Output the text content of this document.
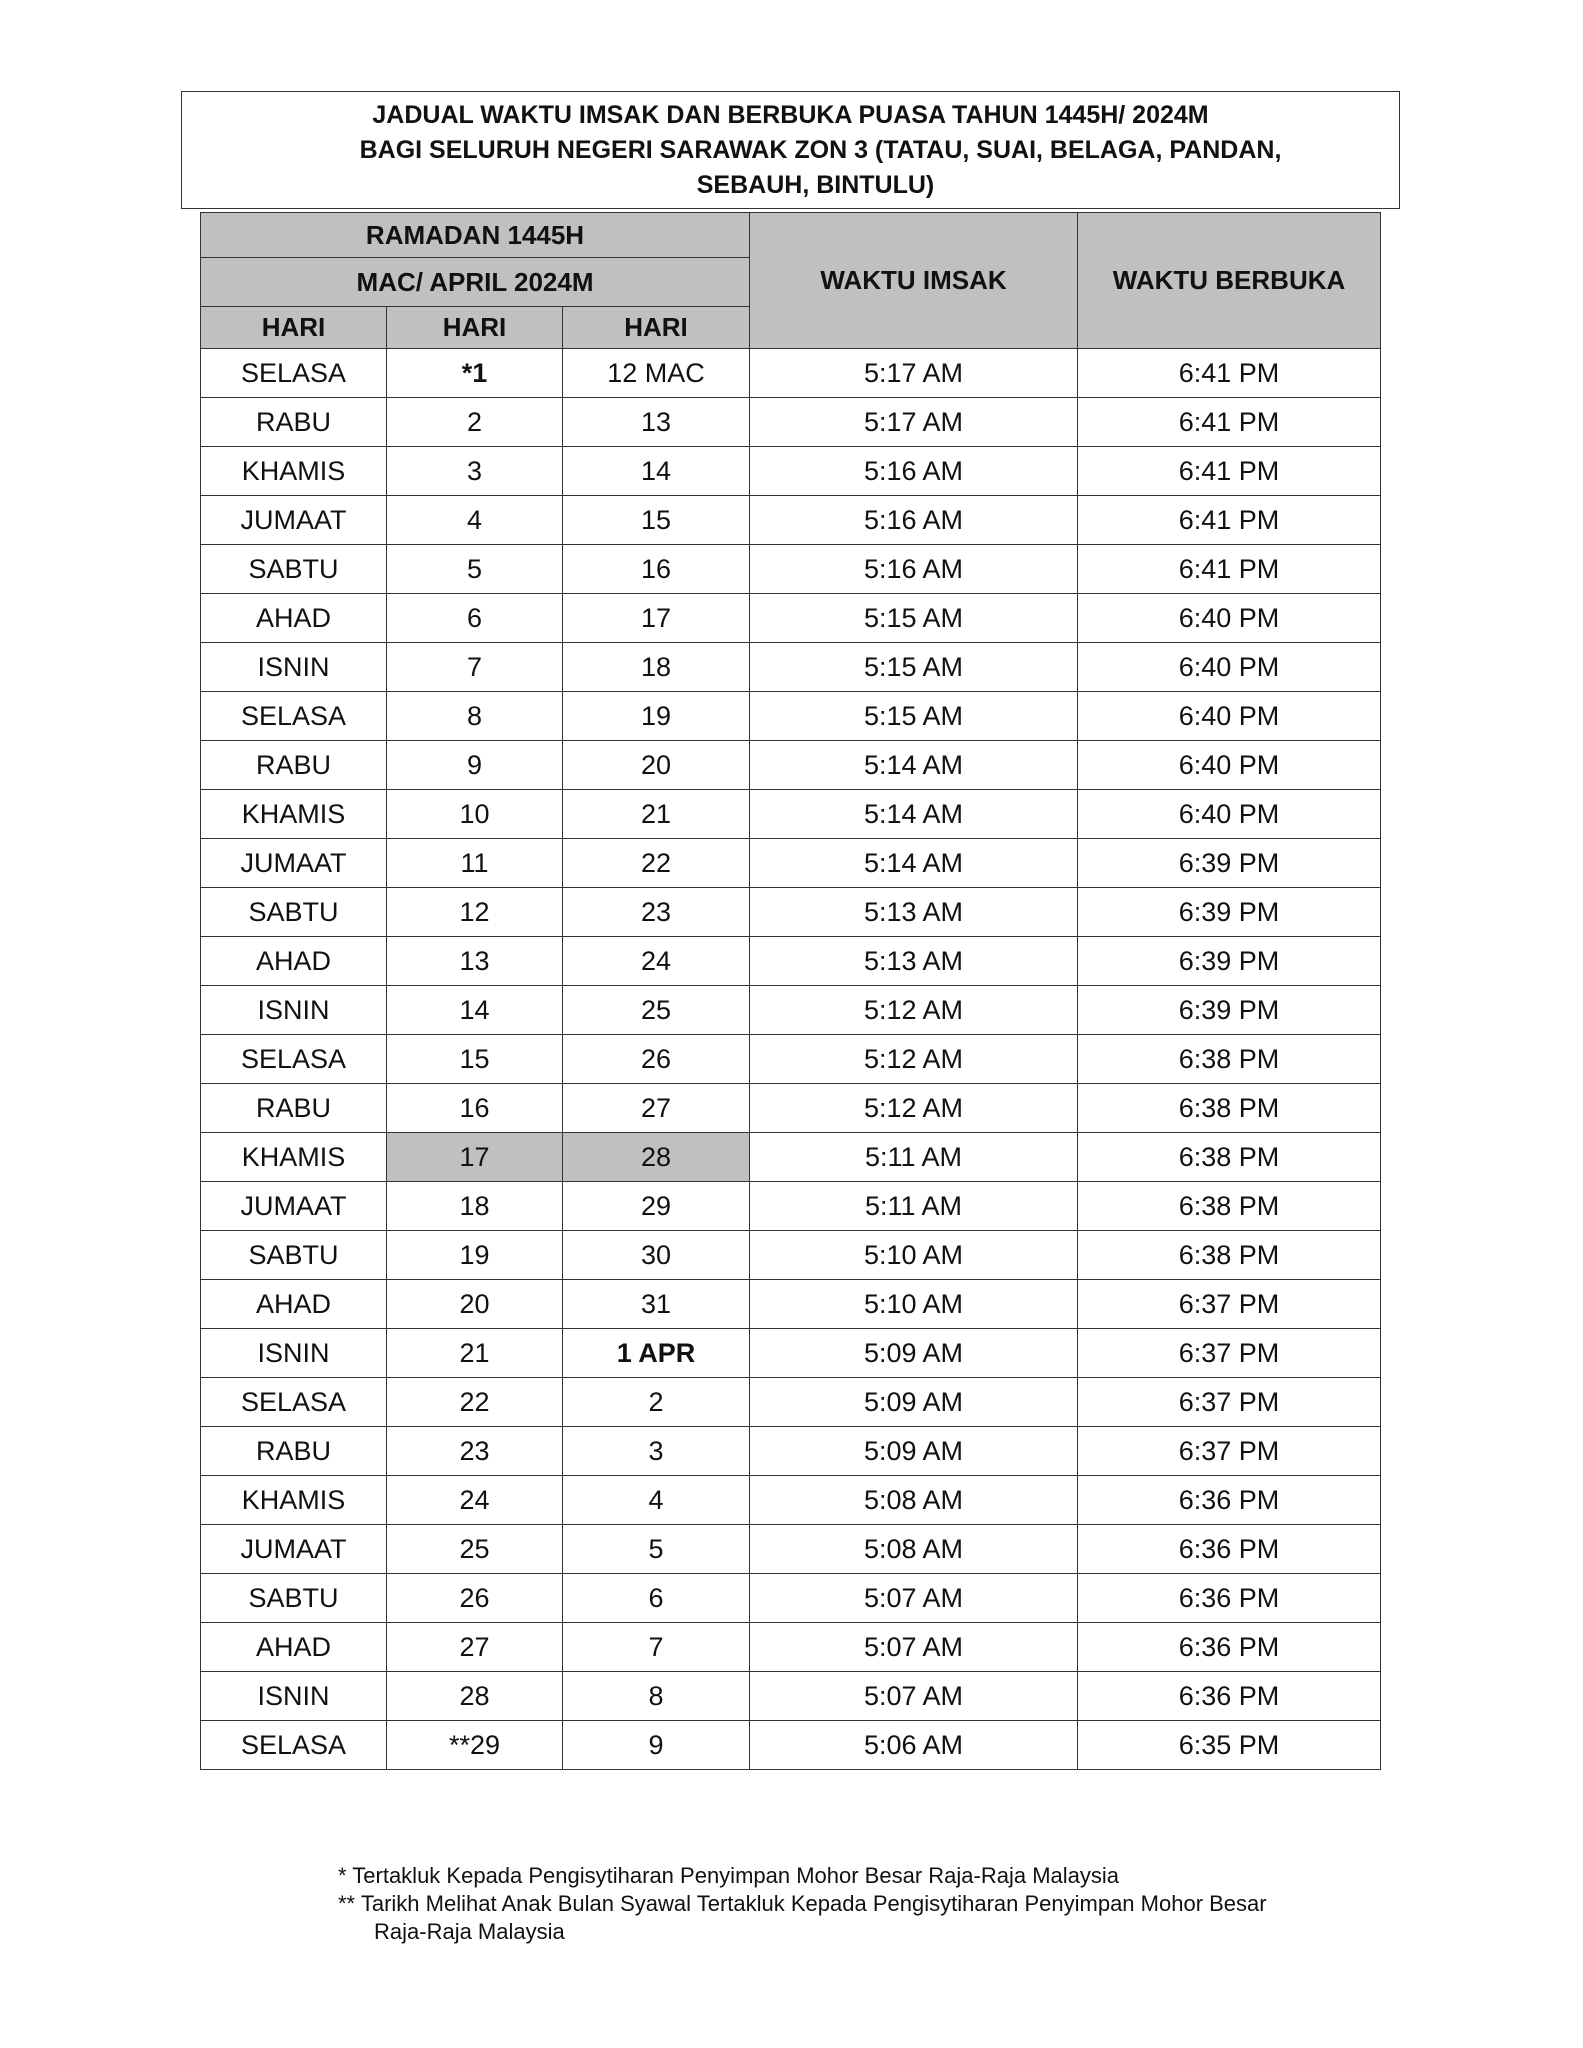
JADUAL WAKTU IMSAK DAN BERBUKA PUASA TAHUN 1445H/ 2024M
BAGI SELURUH NEGERI SARAWAK ZON 3 (TATAU, SUAI, BELAGA, PANDAN,
SEBAUH, BINTULU)
RAMADAN 1445H			WAKTU IMSAK	WAKTU BERBUKA
MAC/ APRIL 2024M				
HARI	HARI	HARI		
SELASA	*1	12 MAC	5:17 AM	6:41 PM
RABU	2	13	5:17 AM	6:41 PM
KHAMIS	3	14	5:16 AM	6:41 PM
JUMAAT	4	15	5:16 AM	6:41 PM
SABTU	5	16	5:16 AM	6:41 PM
AHAD	6	17	5:15 AM	6:40 PM
ISNIN	7	18	5:15 AM	6:40 PM
SELASA	8	19	5:15 AM	6:40 PM
RABU	9	20	5:14 AM	6:40 PM
KHAMIS	10	21	5:14 AM	6:40 PM
JUMAAT	11	22	5:14 AM	6:39 PM
SABTU	12	23	5:13 AM	6:39 PM
AHAD	13	24	5:13 AM	6:39 PM
ISNIN	14	25	5:12 AM	6:39 PM
SELASA	15	26	5:12 AM	6:38 PM
RABU	16	27	5:12 AM	6:38 PM
KHAMIS	17	28	5:11 AM	6:38 PM
JUMAAT	18	29	5:11 AM	6:38 PM
SABTU	19	30	5:10 AM	6:38 PM
AHAD	20	31	5:10 AM	6:37 PM
ISNIN	21	1 APR	5:09 AM	6:37 PM
SELASA	22	2	5:09 AM	6:37 PM
RABU	23	3	5:09 AM	6:37 PM
KHAMIS	24	4	5:08 AM	6:36 PM
JUMAAT	25	5	5:08 AM	6:36 PM
SABTU	26	6	5:07 AM	6:36 PM
AHAD	27	7	5:07 AM	6:36 PM
ISNIN	28	8	5:07 AM	6:36 PM
SELASA	**29	9	5:06 AM	6:35 PM
* Tertakluk Kepada Pengisytiharan Penyimpan Mohor Besar Raja-Raja Malaysia
** Tarikh Melihat Anak Bulan Syawal Tertakluk Kepada Pengisytiharan Penyimpan Mohor Besar
Raja-Raja Malaysia
